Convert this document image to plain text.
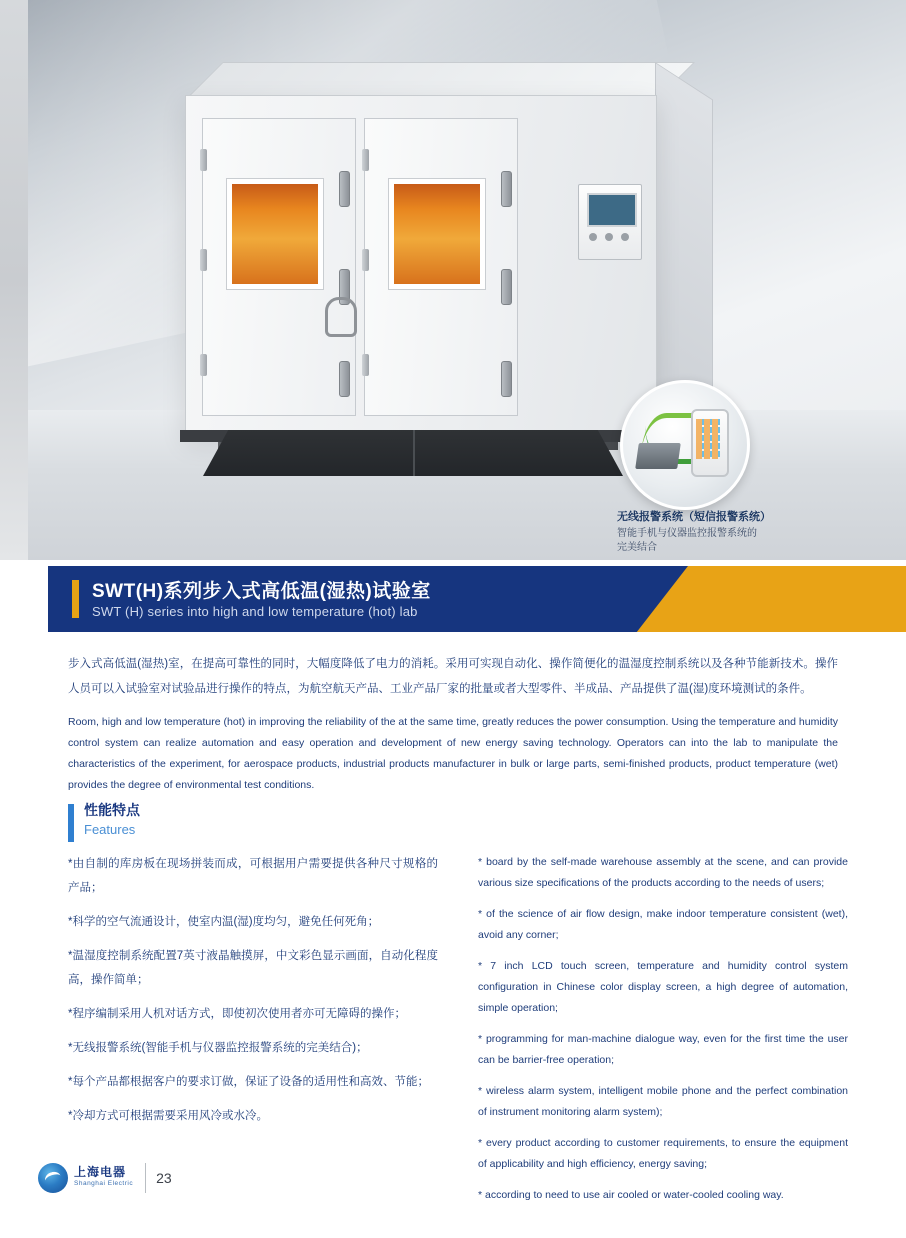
无线报警系统（短信报警系统）
智能手机与仪器监控报警系统的
完美结合
SWT(H)系列步入式高低温(湿热)试验室
SWT (H) series into high and low temperature (hot) lab

步入式高低温(湿热)室，在提高可靠性的同时，大幅度降低了电力的消耗。采用可实现自动化、操作简便化的温湿度控制系统以及各种节能新技术。操作人员可以入试验室对试验品进行操作的特点，为航空航天产品、工业产品厂家的批量或者大型零件、半成品、产品提供了温(湿)度环境测试的条件。

Room, high and low temperature (hot) in improving the reliability of the at the same time, greatly reduces the power consumption. Using the temperature and humidity control system can realize automation and easy operation and development of new energy saving technology. Operators can into the lab to manipulate the characteristics of the experiment, for aerospace products, industrial products manufacturer in bulk or large parts, semi-finished products, product temperature (wet) provides the degree of environmental test conditions.

性能特点
Features
*由自制的库房板在现场拼装而成，可根据用户需要提供各种尺寸规格的产品；
*科学的空气流通设计，使室内温(湿)度均匀，避免任何死角；
*温湿度控制系统配置7英寸液晶触摸屏，中文彩色显示画面，自动化程度高，操作简单；
*程序编制采用人机对话方式，即使初次使用者亦可无障碍的操作；
*无线报警系统(智能手机与仪器监控报警系统的完美结合)；
*每个产品都根据客户的要求订做，保证了设备的适用性和高效、节能；
*冷却方式可根据需要采用风冷或水冷。
* board by the self-made warehouse assembly at the scene, and can provide various size specifications of the products according to the needs of users;
* of the science of air flow design, make indoor temperature consistent (wet), avoid any corner;
* 7 inch LCD touch screen, temperature and humidity control system configuration in Chinese color display screen, a high degree of automation, simple operation;
* programming for man-machine dialogue way, even for the first time the user can be barrier-free operation;
* wireless alarm system, intelligent mobile phone and the perfect combination of instrument monitoring alarm system);
* every product according to customer requirements, to ensure the equipment of applicability and high efficiency, energy saving;
* according to need to use air cooled or water-cooled cooling way.
上海电器
Shanghai Electric 23
